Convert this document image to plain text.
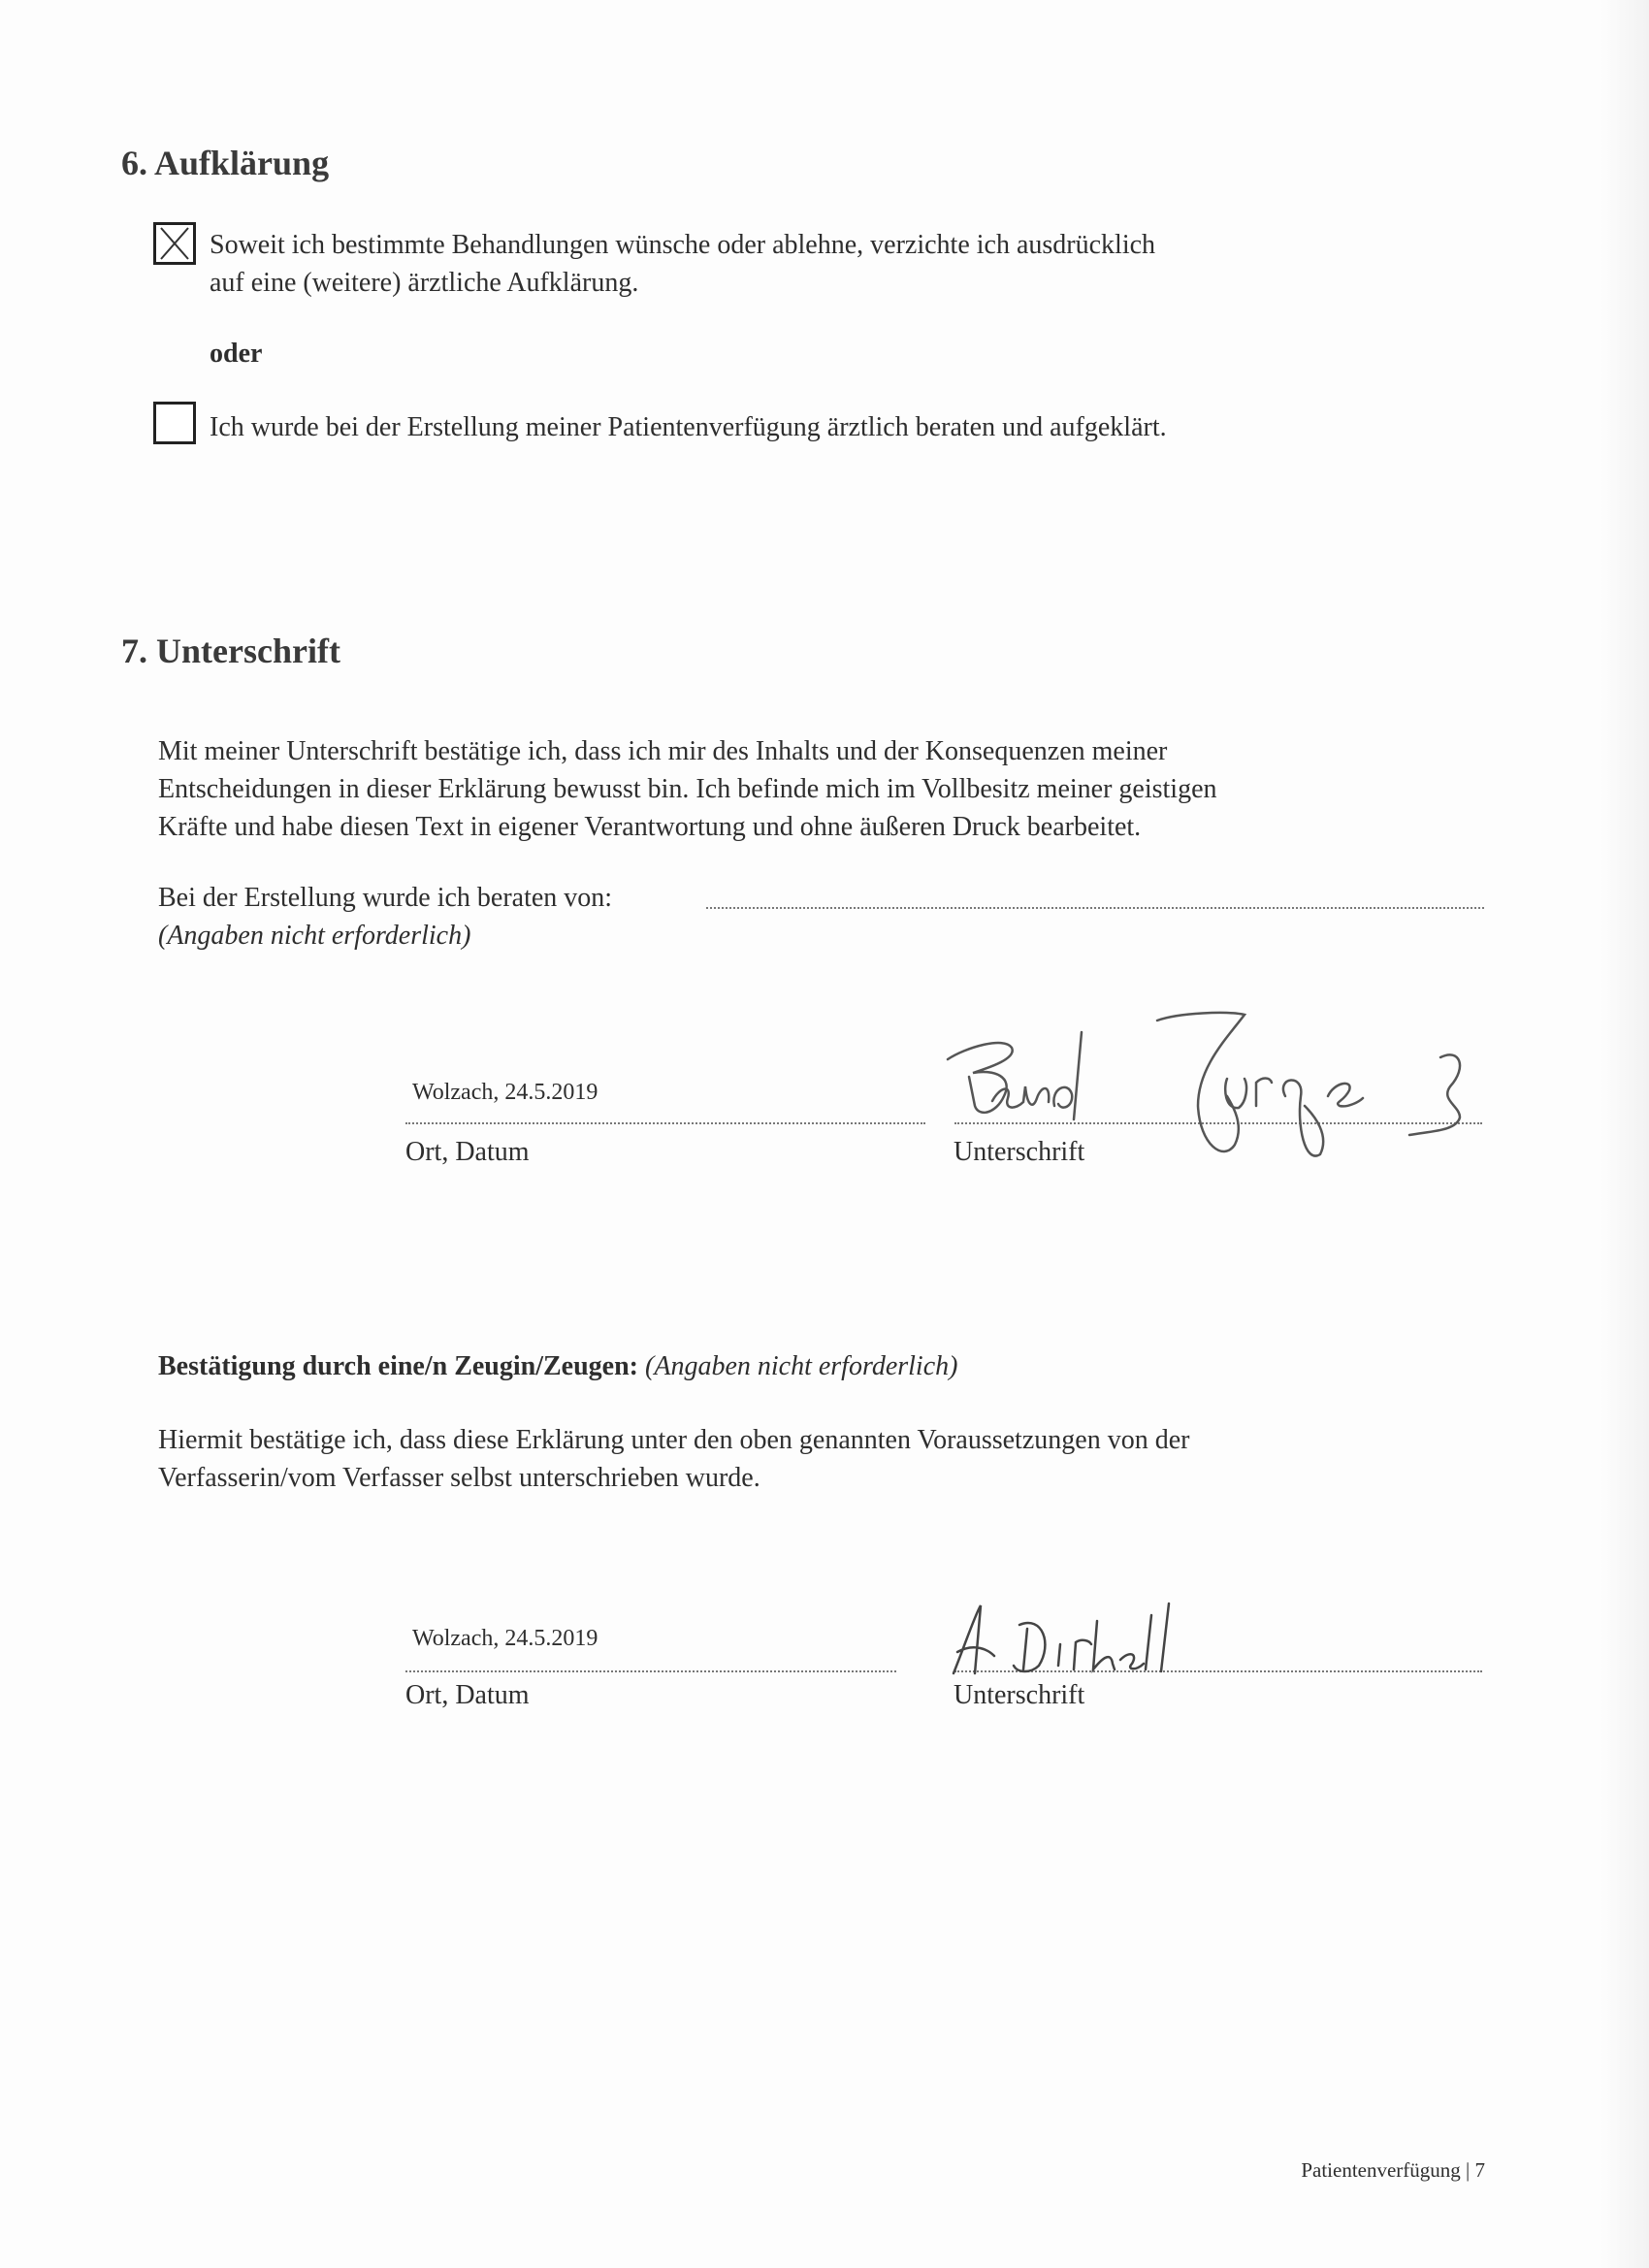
6. Aufklärung
Soweit ich bestimmte Behandlungen wünsche oder ablehne, verzichte ich ausdrücklich
auf eine (weitere) ärztliche Aufklärung.
oder
Ich wurde bei der Erstellung meiner Patientenverfügung ärztlich beraten und aufgeklärt.
7. Unterschrift
Mit meiner Unterschrift bestätige ich, dass ich mir des Inhalts und der Konsequenzen meiner
Entscheidungen in dieser Erklärung bewusst bin. Ich befinde mich im Vollbesitz meiner geistigen
Kräfte und habe diesen Text in eigener Verantwortung und ohne äußeren Druck bearbeitet.
Bei der Erstellung wurde ich beraten von:
(Angaben nicht erforderlich)
Wolzach, 24.5.2019
Ort, Datum	Unterschrift
Bestätigung durch eine/n Zeugin/Zeugen: (Angaben nicht erforderlich)
Hiermit bestätige ich, dass diese Erklärung unter den oben genannten Voraussetzungen von der
Verfasserin/vom Verfasser selbst unterschrieben wurde.
Wolzach, 24.5.2019
Ort, Datum	Unterschrift
Patientenverfügung | 7
